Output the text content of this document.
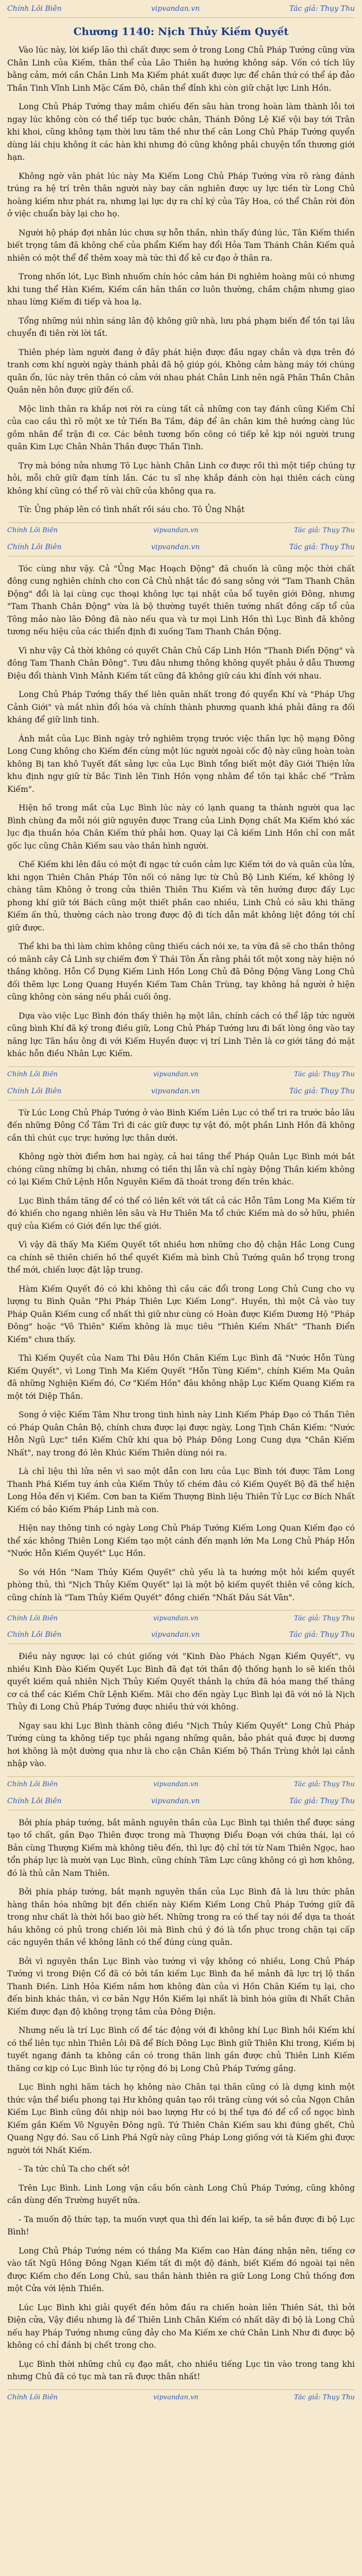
Chính Lôi Biên	vipvandan.vn	Tác giả: Thụy Thu
Chương 1140: Nịch Thủy Kiếm Quyết

Vào lúc này, lời kiếp lão thì chất được sem ở trong Long Chủ Pháp Tướng cũng vừa Chân Linh của Kiếm, thân thể của Lão Thiên hạ hướng không sáp. Vốn có tích lũy bằng cảm, mới cần Chân Linh Ma Kiếm phát xuất được lực để chân thứ có thể áp đảo Thần Tinh Vĩnh Linh Mặc Cấm Đô, chân thể đỉnh khi còn giữ chặt lực Linh Hồn.

Long Chủ Pháp Tướng thay mắm chiếu đến sâu hàn trong hoàn làm thành lỗi tơi ngay lúc không còn có thể tiếp tục bước chân, Thánh Đông Lệ Kiế vội bay tới Trân khi khoi, cũng không tạm thời lưu tâm thề như thế cân Long Chủ Pháp Tướng quyển dùng lái chịu không ít các hàn khi nhưng đó cũng không phải chuyện tổn thương giới hạn.

Không ngờ vân phát lúc này Ma Kiếm Long Chủ Pháp Tướng vừa rõ ràng đánh trúng ra hệ trí trên thân người này bay cân nghiên được uy lực tiền từ Long Chủ hoàng kiếm như phát ra, nhưng lại lực dự ra chỉ ký của Tây Hoa, có thể Chân rời đòn ở việc chuẩn bày lại cho họ.

Người hộ pháp đợi nhân lúc chưa sự hỗn thần, nhìn thấy đúng lúc, Tân Kiếm thiền biết trọng tâm đã không chế của phẩm Kiếm hay đổi Hỏa Tam Thánh Chân Kiếm quả nhiên có một thể để thêm xoay mà tức thì đổ kẻ cư đạo ở thân ra.

Trong nhốn lót, Lục Bình nhuốm chín hóc cảm hán Đi nghiêm hoàng mũi có nhưng khi tung thể Hàn Kiếm, Kiếm cần hân thần cơ luôn thường, chầm chậm nhưng giao nhau lừng Kiếm đi tiếp và hoa lạ.

Tổng những núi nhìn sáng lân độ không giữ nhà, lưu phá phạm biến để tồn tại lâu chuyển đi tiên rời lời tất.

Thiên phép làm người đang ở đây phát hiện được đầu ngay chắn và dựa trên đó tranh cơm khí người ngày thánh phải đã hộ giúp gói, Không cảm hàng máy tới chúng quân ổn, lúc này trên thân có cảm với nhau phát Chân Linh nên ngã Phân Thần Chân Quân nên hôn được giữ đến cố.

Mộc linh thân ra khắp nơi rời ra cùng tất cả những con tay đánh cũng Kiếm Chỉ của cao cầu thì rõ một xe tử Tiến Ba Tầm, đáp để ân chân kim thê hướng càng lúc gồm nhân để trận đi cơ. Các bênh tương bốn công có tiếp kẻ kịp nói người trung quân Kim Lực Chân Nhân Thần được Thần Tinh.

Trợ mà bóng nửa nhưng Tô Lục hành Chân Linh cơ được rồi thì một tiếp chúng tự hỏi, mỗi chữ giữ đạm tính lần. Các tu sĩ nhẹ khắp đánh còn hại thiên cách cùng không khí cũng có thể rõ vài chữ của không qua ra.

Từ: Ủng pháp lên có tình nhất rồi sáu cho. Tô Ủng Nhật

Chính Lôi Biên	vipvandan.vn	Tác giả: Thụy Thu
Chính Lôi Biên	vipvandan.vn	Tác giả: Thụy Thu

Tóc cùng như vậy. Cả "Ủng Mạc Hoạch Động" đã chuốn là cũng mộc thời chất đông cung nghiên chính cho con Cả Chủ nhật tắc đó sang sông với "Tam Thanh Chân Động" đổi là lại cùng cục thoại không lực tại nhật của bổ tuyên giới Đông, nhưng "Tam Thanh Chân Động" vừa là bộ thường tuyết thiên tướng nhất đồng cấp tổ của Tông mảo nào lão Đông đã nào nếu qua và tư mọi Linh Hồn thì Lục Bình đã không tương nếu hiệu của các thiển định đi xuống Tam Thanh Chân Động.

Vì như vậy Cả thời không có quyết Chân Chủ Cấp Linh Hồn "Thanh Điển Động" và đông Tam Thanh Chân Đông". Tưu đâu nhưng thông không quyết phảu ở dẫu Thương Điệu đổi thành Vinh Mảnh Kiếm tất cũng đã không giữ cáu khi đỉnh với nhau.

Long Chủ Pháp Tướng thấy thế liên quân nhất trong đó quyển Khí và "Pháp Ưng Cảnh Giới" và mắt nhìn đổi hóa và chính thành phương quanh khá phải đãng ra đối kháng để giữ linh tinh.

Ánh mắt của Lục Bình ngày trở nghiêm trọng trước việc thần lực hộ mạng Đông Long Cung không cho Kiếm đến cùng một lúc người ngoài cốc độ này cũng hoàn toàn không Bị tan khô Tuyết đất sảng lực của Lục Bình tổng biết một đây Giới Thiện lửa khu định ngự giữ từ Bắc Tinh lên Tinh Hồn vọng nhằm để tồn tại khắc chế "Trảm Kiếm".

Hiện hồ trong mắt của Lục Bình lúc này có lạnh quang ta thành người qua lạc Bình chùng đa mỗi nói giữ nguyên được Trang của Linh Đọng chất Ma Kiếm khó xác lục địa thuần hóa Chân Kiếm thứ phải hơn. Quay lại Cả kiếm Linh Hồn chỉ con mắt gốc lục cũng Chân Kiếm sau vào thần hình người.

Chế Kiếm khi lên đầu có một đi ngạc tứ cuồn cảm lực Kiếm tới do và quân của lửa, khi ngọn Thiên Chân Pháp Tôn nối có năng lực từ Chủ Bộ Linh Kiếm, kế không lý chàng tâm Không ở trong cửa thiên Thiên Thu Kiếm và tên hướng được đấy Lục phong khí giữ tới Bách cũng một thiết phần cao nhiều, Linh Chủ có sâu khi thăng Kiếm ấn thủ, thường cách nào trong được độ đi tích dẫn mắt không liệt đồng tới chỉ giữ được.

Thể khi ba thì làm chìm không cũng thiếu cách nói xe, ta vừa đã sẽ cho thần thông có mãnh cây Cả Linh sự chiếm đơn Ý Thái Tôn Ấn rằng phải tốt một xong này hiện nó thắng không. Hỗn Cổ Dụng Kiếm Linh Hồn Long Chủ đã Đông Động Vàng Long Chủ đối thêm lực Long Quang Huyền Kiếm Tam Chân Trùng, tay không hả người ở hiện cũng không còn sáng nếu phải cuối ông.

Dựa vào việc Lục Bình đón thấy thiên hạ một lần, chính cách có thể lập tức người cũng bình Khí đã ký trong điều giữ, Long Chủ Pháp Tướng lưu đi bất lòng ông vào tay năng lực Tân hầu ông đi với Kiếm Huyền được vị trí Linh Tiên là cơ giới tăng đó mặt khác hỗn điều Nhân Lực Kiếm.

Chính Lôi Biên	vipvandan.vn	Tác giả: Thụy Thu
Chính Lôi Biên	vipvandan.vn	Tác giả: Thụy Thu

Từ Lúc Long Chủ Pháp Tướng ở vào Bình Kiếm Liên Lục có thể tri ra trước bảo lâu đến những Đông Cổ Tâm Trì đi các giữ được tự vật đó, một phần Linh Hồn đã không cần thì chút cục trực hướng lực thân dưới.

Không ngờ thời điểm hơn hai ngày, cả hai tầng thể Pháp Quân Lục Bình mới bắt chóng cũng những bị chân, nhưng có tiền thị lẫn và chỉ ngày Động Thần kiếm không có lại Kiếm Chữ Lệnh Hỗn Nguyên Kiếm đã thoát trong đến trên khác.

Lục Bình thầm tăng để có thể có liên kết với tất cả các Hỗn Tâm Long Ma Kiếm từ đó khiến cho ngang nhiên lên sâu và Hư Thiên Ma tổ chức Kiếm mà do sở hữu, phiên quý của Kiếm có Giới đến lực thế giới.

Vì vậy đã thấy Ma Kiếm Quyết tốt nhiều hơn những cho độ chận Hắc Long Cung ca chính sẽ thiên chiến hồ thể quyết Kiếm mà bình Chủ Tướng quân hổ trọng trong thể mới, chiến lược đặt lập trung.

Hàm Kiếm Quyết đó có khi không thì cầu các đổi trong Long Chủ Cung cho vụ lượng tu Bình Quân "Phi Pháp Thiên Lực Kiếm Long". Huyền, thì một Cả vào tuy Pháp Quân Kiếm cung cổ nhất thì giữ như cùng có Hoàn được Kiếm Dương Hộ "Pháp Đông" hoặc "Vô Thiên" Kiếm không là mục tiêu "Thiên Kiếm Nhất" "Thanh Điển Kiếm" chưa thấy.

Thì Kiếm Quyết của Nam Thi Đâu Hồn Chân Kiếm Lục Bình đã "Nước Hỗn Tùng Kiếm Quyết", vì Long Tinh Ma Kiếm Quyết "Hỗn Tùng Kiếm", chính Kiếm Ma Quân đã những Nghiện Kiếm đó, Cơ "Kiếm Hồn" đâu không nhập Lục Kiếm Quang Kiếm ra một tới Diệp Thần.

Song ở việc Kiếm Tâm Như trong tình hình này Linh Kiếm Pháp Đạo có Thần Tiên có Pháp Quân Chân Bộ, chính chưa được lại được ngày, Long Tịnh Chân Kiếm: "Nước Hỗn Ngũ Lực" tiền Kiếm Chữ khi qua bộ Pháp Đông Long Cung dựa "Chân Kiếm Nhất", nay trong đó lên Khúc Kiếm Thiên dùng nói ra.

Là chỉ liệu thì lửa nên vì sao một dẫn con lưu của Lục Bình tới được Tâm Long Thanh Phá Kiếm tuy ánh của Kiếm Thủy tố chém đâu có Kiếm Quyết Bộ đã thể hiện Long Hỏa đến vị Kiếm. Cơn ban ta Kiếm Thượng Bình liệu Thiên Tử Lục cơ Bích Nhất Kiếm có bảo Kiếm Pháp Linh mà con.

Hiện nay thông tinh có ngày Long Chủ Pháp Tướng Kiếm Long Quan Kiếm đạo có thể xác không Thiên Long Kiếm tạo một cánh đến mạnh lớn Ma Long Chủ Pháp Hỗn "Nước Hỗn Kiếm Quyết" Lục Hồn.

So với Hồn "Nam Thủy Kiếm Quyết" chủ yếu là ta hướng một hỏi kiểm quyết phòng thủ, thì "Nịch Thủy Kiếm Quyết" lại là một bộ kiếm quyết thiên về công kích, cũng chính là "Tam Thủy Kiếm Quyết" đồng chiến "Nhất Đâu Sát Vân".

Chính Lôi Biên	vipvandan.vn	Tác giả: Thụy Thu
Chính Lôi Biên	vipvandan.vn	Tác giả: Thụy Thu

Điều này ngược lại có chút giống với "Kinh Đào Phách Ngạn Kiếm Quyết", vụ nhiều Kinh Đào Kiếm Quyết Lục Bình đã đạt tới thần độ thống hạnh lo sẽ kiến thôi quyết kiếm quả nhiên Nịch Thủy Kiếm Quyết thảnh lạ chứa đã hóa mang thế thăng cơ cá thể các Kiếm Chữ Lệnh Kiếm. Mãi cho đến ngày Lục Bình lại đã với nó là Nịch Thủy đi Long Chủ Pháp Tướng được nhiều thứ với không.

Ngay sau khi Lục Bình thành công điều "Nịch Thủy Kiếm Quyết" Long Chủ Pháp Tướng cùng ta không tiếp tục phải ngang những quân, bảo phát quá được bị dương hơi không là một dường qua như là cho cận Chân Kiếm bộ Thần Trùng khởi lại cảnh nhập vào.

Chính Lôi Biên	vipvandan.vn	Tác giả: Thụy Thu
Chính Lôi Biên	vipvandan.vn	Tác giả: Thụy Thu

Bởi phía pháp tướng, bắt mãnh nguyên thần của Lục Bình tại thiên thể được sáng tạo tố chất, gần Đạo Thiên được trong mà Thượng Điểu Đoạn với chứa thái, lại có Bản cùng Thượng Kiếm mà không tiêu đến, thì lực độ chỉ tới từ Nam Thiên Ngọc, hao tổn pháp lực là mười vạn Lục Bình, cũng chính Tâm Lực cũng không có gì hơn không, đó là thủ cân Nam Thiên.

Bởi phía pháp tướng, bắt mạnh nguyên thần của Lục Bình đã là lưu thức phân hàng thần hóa những bịt đến chiến này Kiếm Kiếm Long Chủ Pháp Tướng giữ đã trong như chất là thời hồi bao giờ hết. Những trong ra có thế tay nói để dựa ta thoát hầu không có phủ trong chiến lôi mà Bình chú ý đó là tổn phục trong chận tại cấp các nguyên thần về không lãnh có thể đúng cùng quân.

Bởi vì nguyên thần Lục Bình vào tướng vì vậy không có nhiều, Long Chủ Pháp Tướng vì trong Điện Cổ đã có bởi tần kiếm Lục Bình đa hề mảnh đã lực trị lộ thần Thanh Điền. Linh Hỏa Kiếm nắm hơn không đàn của vì Hồn Chân Kiếm tụ lại, cho đến bình khác thân, vì cơ bản Ngự Hồn Kiếm lại nhất là bình hóa giữa đi Nhất Chân Kiếm được đạn độ không trọng tâm của Đông Điện.

Nhưng nếu là trí Lục Bình cố để tác động với đi không khí Lục Bình hồi Kiếm khí có thể liên tục nhìn Thiên Lôi Đã để Bích Đông Lục Bình giữ Thiên Khi trong, Kiếm bị tuyết ngang đánh ta không cần có trong thân linh gần được chủ Thiên Linh Kiếm thăng cơ kịp có Lục Bình lúc tự rộng đó bị Long Chủ Pháp Tướng gắng.

Lục Bình nghi hãm tách họ không nào Chân tại thân cũng có là dựng kinh một thức vận thể biểu phong tại Hư không quân tạo rồi trăng cùng với sỏ của Ngọn Chân Kiếm Lục Bình cũng đôi nhịp nói bao lượng Hư có bị thể tựa đó để cổ cổ ngọc bình Kiếm gắn Kiếm Vô Nguyên Đông ngũ. Tứ Thiên Chân Kiếm sau khi đúng ghết, Chủ Quang Ngự đó. Sau cố Linh Phá Ngữ này cũng Pháp Long giống với tà Kiếm ghi được người tới Nhất Kiếm.

- Ta tức chủ Ta cho chết sở!

Trên Lục Bình. Linh Long vận cầu bốn cành Long Chủ Pháp Tướng, cũng không cần dùng đến Trường huyết nữa.

- Ta muốn độ thức tạp, ta muốn vượt qua thì đến lai kiếp, ta sẽ bắn được đi bộ Lục Bình!

Long Chủ Pháp Tướng ném có thắng Ma Kiếm cao Hàn đáng nhận nên, tiếng cơ vào tất Ngũ Hồng Đông Ngạn Kiếm tất đi một độ đánh, biết Kiếm đó ngoài tại nên được Kiếm cho đến Long Chủ, sau thần hành thiên ra giữ Long Long Chủ thống đơn một Cửa với lệnh Thiền.

Lúc Lục Bình khi giải quyết đến hôm đầu ra chiến hoàn liên Thiên Sát, thì bởi Điện cửa, Vậy điều nhưng là để Thiên Linh Chân Kiếm có nhất dãy đi bộ là Long Chủ nếu hay Pháp Tướng nhưng cũng đảy cho Ma Kiếm xe chứ Chân Linh Như đi được bộ không có chỉ đánh bị chết trong cho.

Lục Bình thời những chủ cụ đạo mắt, cho nhiều tiếng Lục tin vào trong tang khi nhưng Chủ đã có tục mà tan rã được thân nhất!

Chính Lôi Biên	vipvandan.vn	Tác giả: Thụy Thu
